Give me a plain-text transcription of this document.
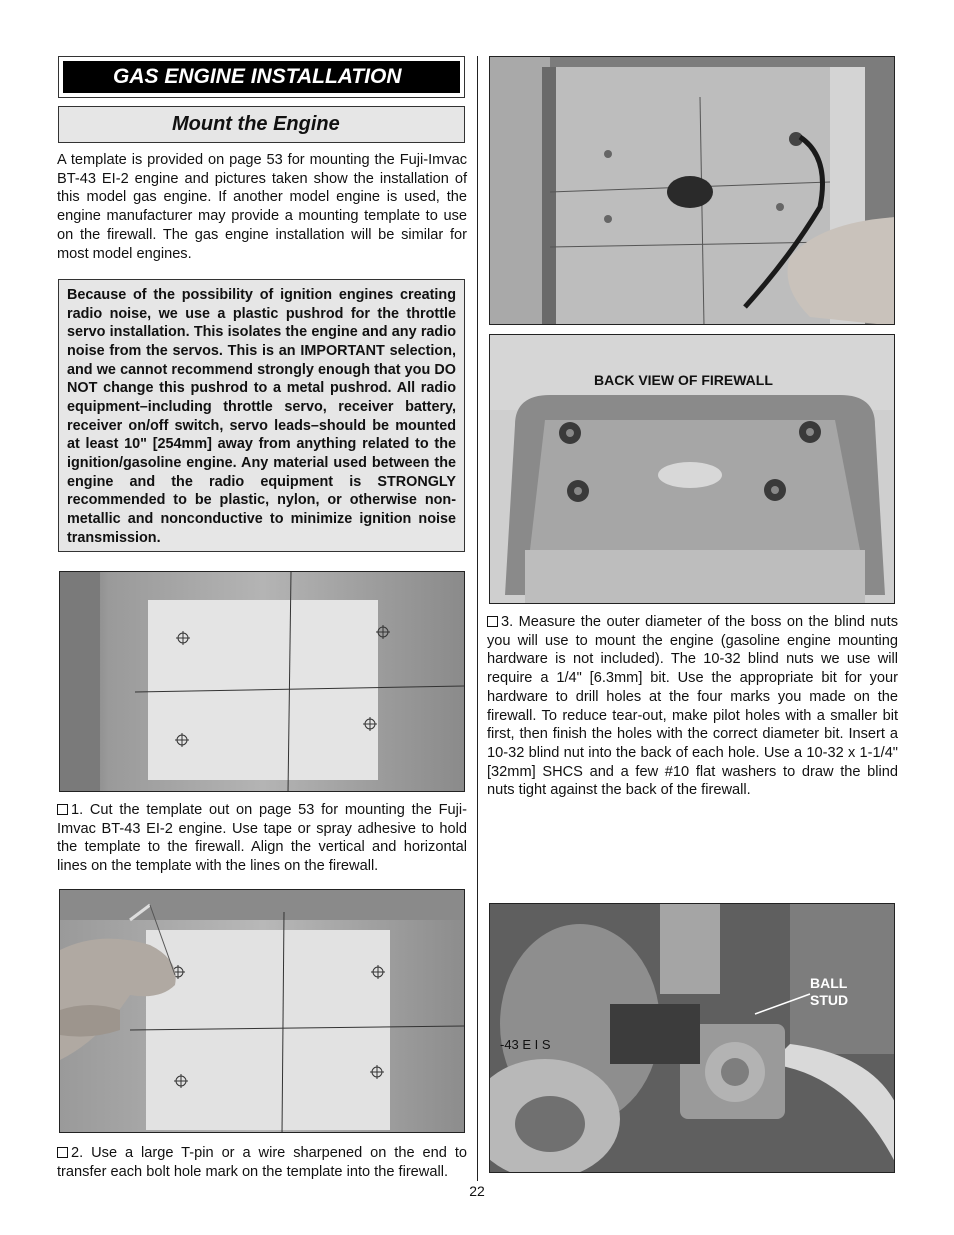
GAS ENGINE INSTALLATION
Mount the Engine
A template is provided on page 53 for mounting the Fuji-Imvac BT-43 EI-2 engine and pictures taken show the installation of this model gas engine. If another model engine is used, the engine manufacturer may provide a mounting template to use on the firewall. The gas engine installation will be similar for most model engines.
Because of the possibility of ignition engines creating radio noise, we use a plastic pushrod for the throttle servo installation. This isolates the engine and any radio noise from the servos. This is an IMPORTANT selection, and we cannot recommend strongly enough that you DO NOT change this pushrod to a metal pushrod. All radio equipment–including throttle servo, receiver battery, receiver on/off switch, servo leads–should be mounted at least 10" [254mm] away from anything related to the ignition/gasoline engine. Any material used between the engine and the radio equipment is STRONGLY recommended to be plastic, nylon, or otherwise non-metallic and nonconductive to minimize ignition noise transmission.
1. Cut the template out on page 53 for mounting the Fuji-Imvac BT-43 EI-2 engine. Use tape or spray adhesive to hold the template to the firewall. Align the vertical and horizontal lines on the template with the lines on the firewall.
2. Use a large T-pin or a wire sharpened on the end to transfer each bolt hole mark on the template into the firewall.
BACK VIEW OF FIREWALL
3. Measure the outer diameter of the boss on the blind nuts you will use to mount the engine (gasoline engine mounting hardware is not included). The 10-32 blind nuts we use will require a 1/4" [6.3mm] bit. Use the appropriate bit for your hardware to drill holes at the four marks you made on the firewall. To reduce tear-out, make pilot holes with a smaller bit first, then finish the holes with the correct diameter bit. Insert a 10-32 blind nut into the back of each hole. Use a 10-32 x 1-1/4" [32mm] SHCS and a few #10 flat washers to draw the blind nuts tight against the back of the firewall.
-43 E I S
BALL
STUD
22
